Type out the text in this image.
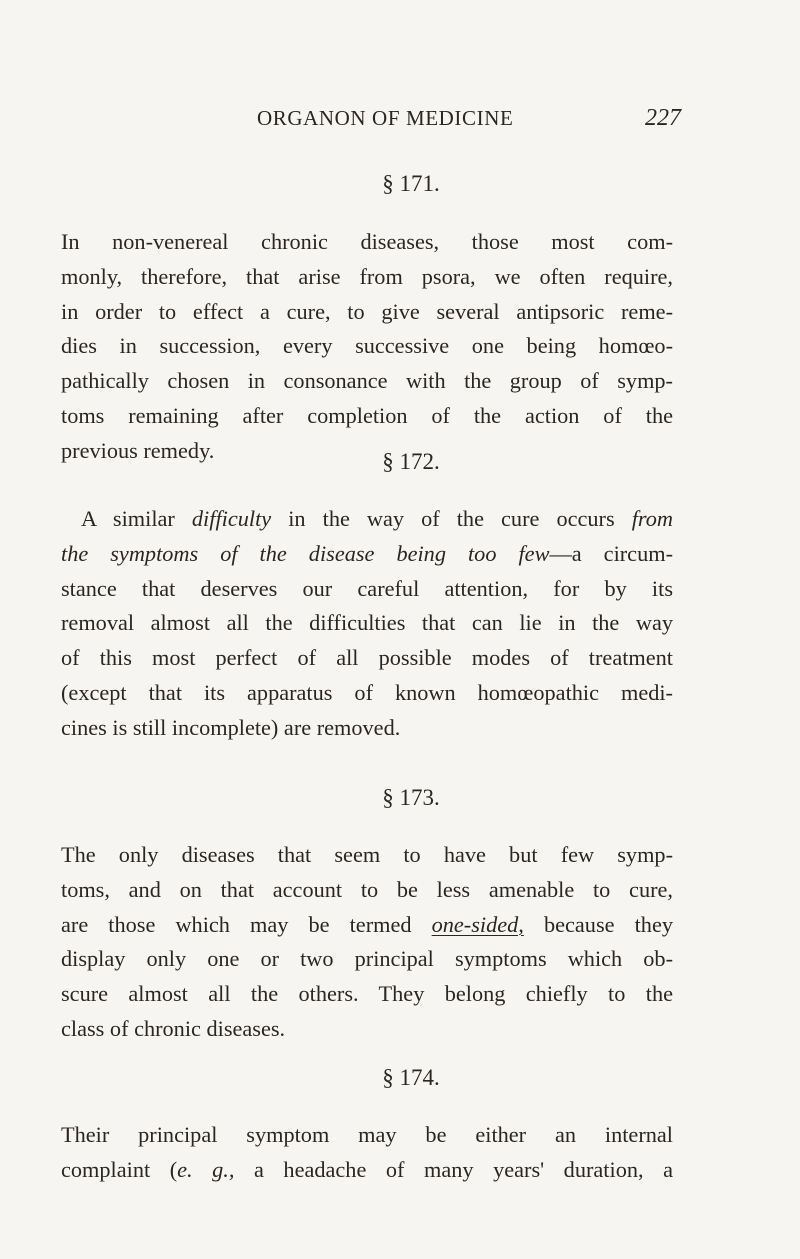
ORGANON OF MEDICINE	227
§ 171.
In non-venereal chronic diseases, those most com-
monly, therefore, that arise from psora, we often require,
in order to effect a cure, to give several antipsoric reme-
dies in succession, every successive one being homœo-
pathically chosen in consonance with the group of symp-
toms remaining after completion of the action of the
previous remedy.	§ 172.
A similar difficulty in the way of the cure occurs from
the symptoms of the disease being too few—a circum-
stance that deserves our careful attention, for by its
removal almost all the difficulties that can lie in the way
of this most perfect of all possible modes of treatment
(except that its apparatus of known homœopathic medi-
cines is still incomplete) are removed.
§ 173.
The only diseases that seem to have but few symp-
toms, and on that account to be less amenable to cure,
are those which may be termed one-sided, because they
display only one or two principal symptoms which ob-
scure almost all the others. They belong chiefly to the
class of chronic diseases.
§ 174.
Their principal symptom may be either an internal
complaint (e. g., a headache of many years' duration, a
